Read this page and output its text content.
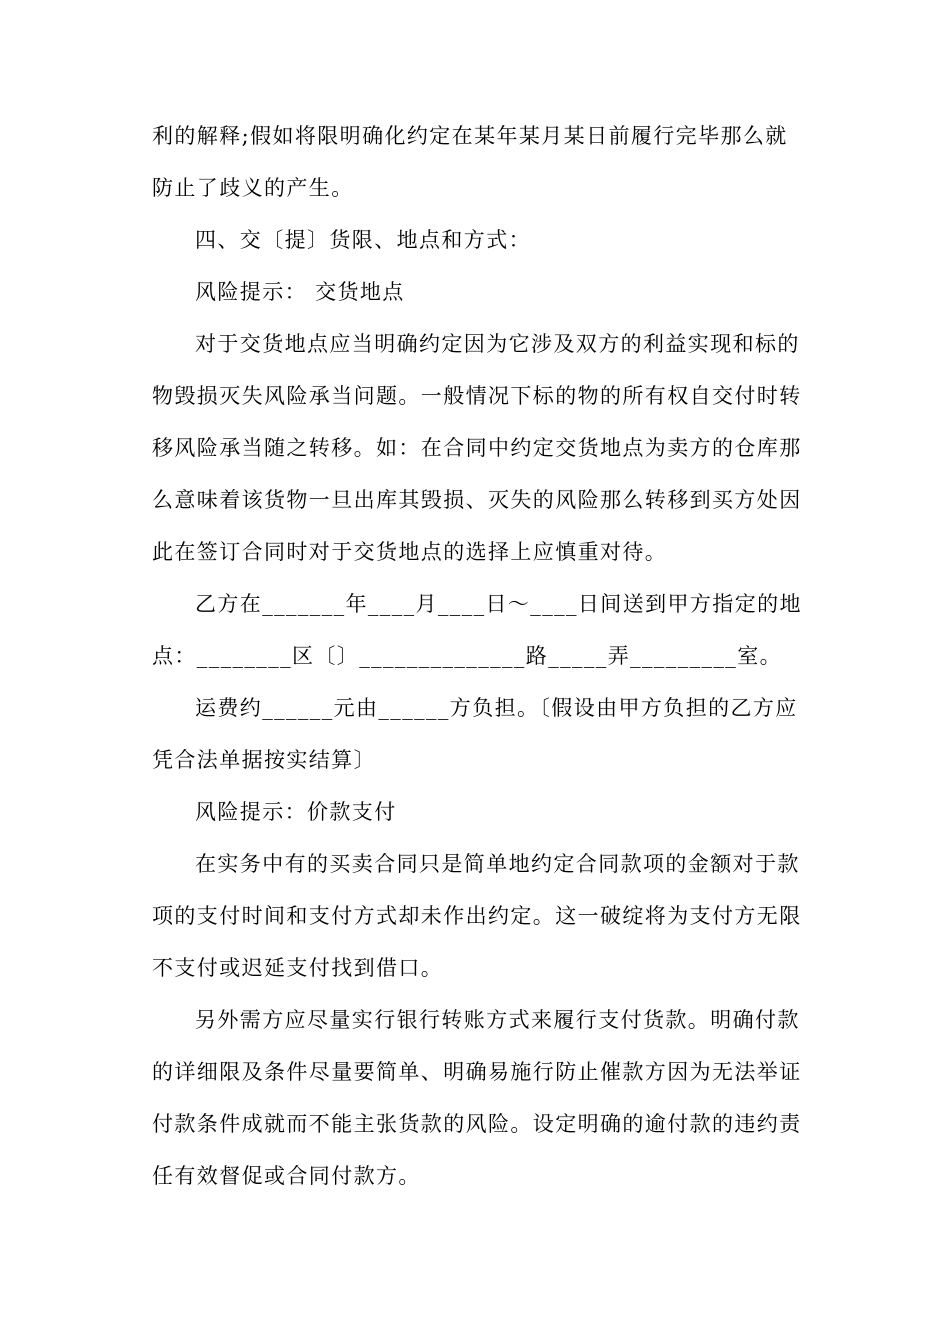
利的解释;假如将限明确化约定在某年某月某日前履行完毕那么就
防止了歧义的产生。
四、交〔提〕货限、地点和方式：
风险提示： 交货地点
对于交货地点应当明确约定因为它涉及双方的利益实现和标的
物毁损灭失风险承当问题。一般情况下标的物的所有权自交付时转
移风险承当随之转移。如：在合同中约定交货地点为卖方的仓库那
么意味着该货物一旦出库其毁损、灭失的风险那么转移到买方处因
此在签订合同时对于交货地点的选择上应慎重对待。
乙方在_______年____月____日～____日间送到甲方指定的地
点：________区〔〕______________路_____弄_________室。
运费约______元由______方负担。〔假设由甲方负担的乙方应
凭合法单据按实结算〕
风险提示：价款支付
在实务中有的买卖合同只是简单地约定合同款项的金额对于款
项的支付时间和支付方式却未作出约定。这一破绽将为支付方无限
不支付或迟延支付找到借口。
另外需方应尽量实行银行转账方式来履行支付货款。明确付款
的详细限及条件尽量要简单、明确易施行防止催款方因为无法举证
付款条件成就而不能主张货款的风险。设定明确的逾付款的违约责
任有效督促或合同付款方。
